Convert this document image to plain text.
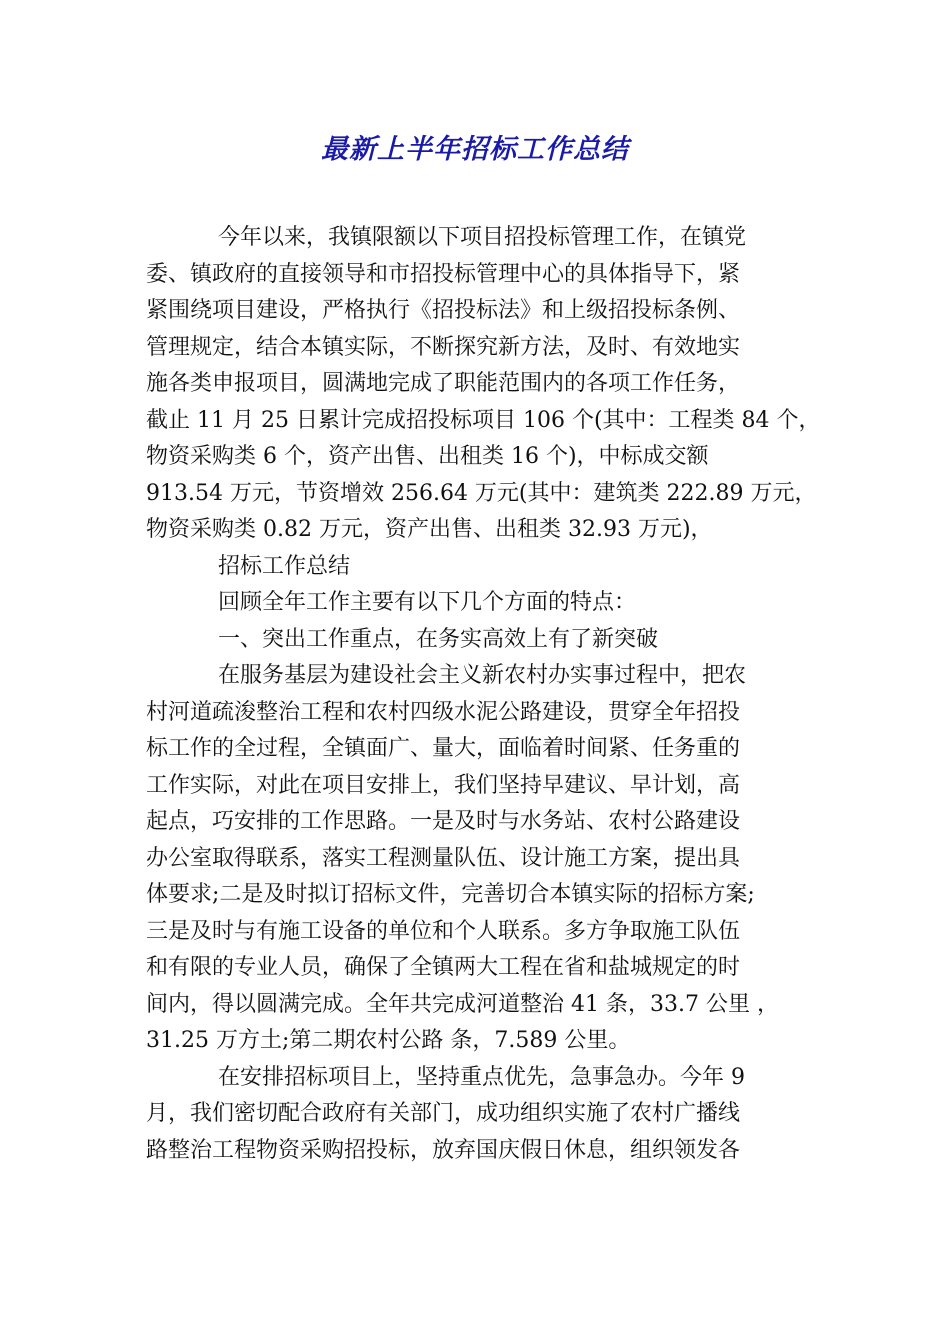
最新上半年招标工作总结
今年以来，我镇限额以下项目招投标管理工作，在镇党
委、镇政府的直接领导和市招投标管理中心的具体指导下，紧
紧围绕项目建设，严格执行《招投标法》和上级招投标条例、
管理规定，结合本镇实际，不断探究新方法，及时、有效地实
施各类申报项目，圆满地完成了职能范围内的各项工作任务，
截止 11 月 25 日累计完成招投标项目 106 个(其中：工程类 84 个，
物资采购类 6 个，资产出售、出租类 16 个)，中标成交额
913.54 万元，节资增效 256.64 万元(其中：建筑类 222.89 万元，
物资采购类 0.82 万元，资产出售、出租类 32.93 万元)，
招标工作总结
回顾全年工作主要有以下几个方面的特点：
一、突出工作重点，在务实高效上有了新突破
在服务基层为建设社会主义新农村办实事过程中，把农
村河道疏浚整治工程和农村四级水泥公路建设，贯穿全年招投
标工作的全过程，全镇面广、量大，面临着时间紧、任务重的
工作实际，对此在项目安排上，我们坚持早建议、早计划，高
起点，巧安排的工作思路。一是及时与水务站、农村公路建设
办公室取得联系，落实工程测量队伍、设计施工方案，提出具
体要求;二是及时拟订招标文件，完善切合本镇实际的招标方案;
三是及时与有施工设备的单位和个人联系。多方争取施工队伍
和有限的专业人员，确保了全镇两大工程在省和盐城规定的时
间内，得以圆满完成。全年共完成河道整治 41 条，33.7 公里 ，
31.25 万方土;第二期农村公路 条，7.589 公里。
在安排招标项目上，坚持重点优先，急事急办。今年 9
月，我们密切配合政府有关部门，成功组织实施了农村广播线
路整治工程物资采购招投标，放弃国庆假日休息，组织领发各
